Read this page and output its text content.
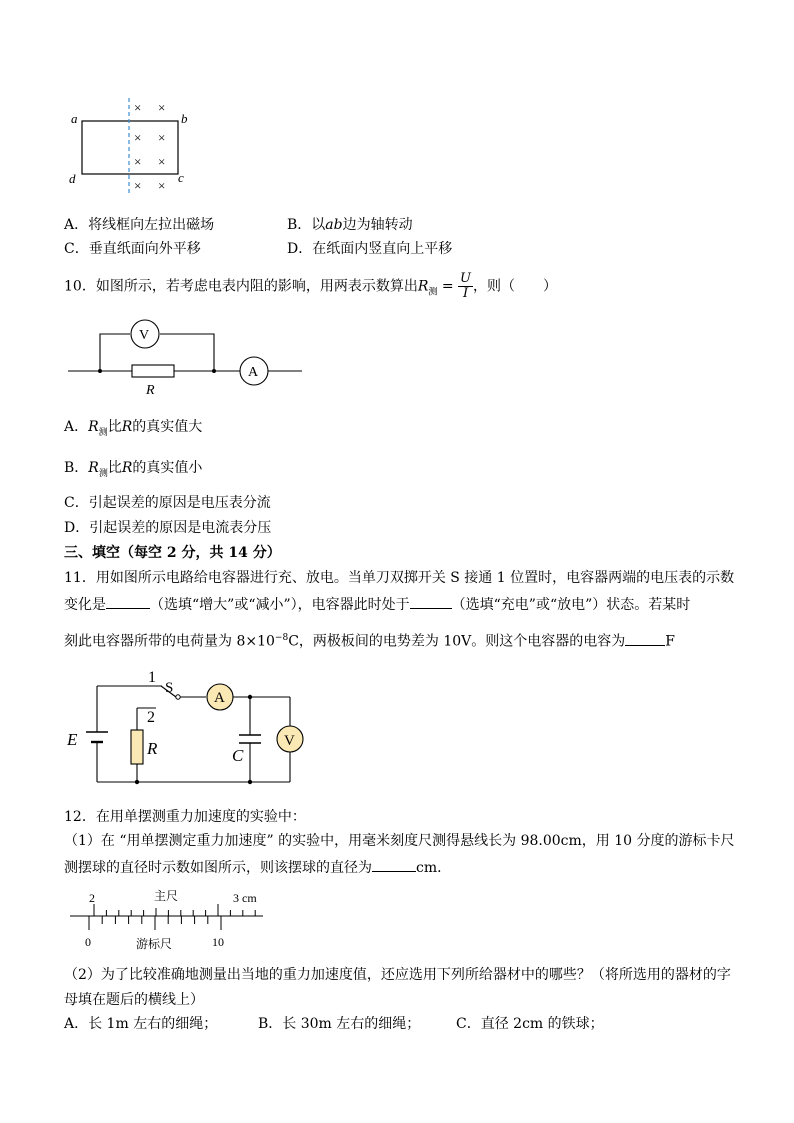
a	b
c
d
× ×
× ×
× ×
× ×
A．将线框向左拉出磁场	B．以ab边为轴转动
C．垂直纸面向外平移	D．在纸面内竖直向上平移
10．如图所示，若考虑电表内阻的影响，用两表示数算出$R_测 = \frac{U}{I}$ ，则（　　）
V
A
R
A．$R_测$比R的真实值大
B．$R_测$比R的真实值小
C．引起误差的原因是电压表分流
D．引起误差的原因是电流表分压
三、填空（每空 2 分，共 14 分）
11．用如图所示电路给电容器进行充、放电。当单刀双掷开关 S 接通 1 位置时，电容器两端的电压表的示数
变化是	（选填“增大”或“减小”），电容器此时处于	（选填“充电”或“放电”）状态。若某时
刻此电容器所带的电荷量为 $8\times 10^{-8}C$，两极板间的电势差为 10V。则这个电容器的电容为	F
1
2
S
A
V
E	R	C
12．在用单摆测重力加速度的实验中：
（1）在 “用单摆测定重力加速度” 的实验中，用毫米刻度尺测得悬线长为 98.00cm，用 10 分度的游标卡尺
测摆球的直径时示数如图所示，则该摆球的直径为	cm．
2	主尺	3 cm
0	游标尺	10
（2）为了比较准确地测量出当地的重力加速度值，还应选用下列所给器材中的哪些？（将所选用的器材的字
母填在题后的横线上）
A．长 1m 左右的细绳；	B．长 30m 左右的细绳；	C．直径 2cm 的铁球；
